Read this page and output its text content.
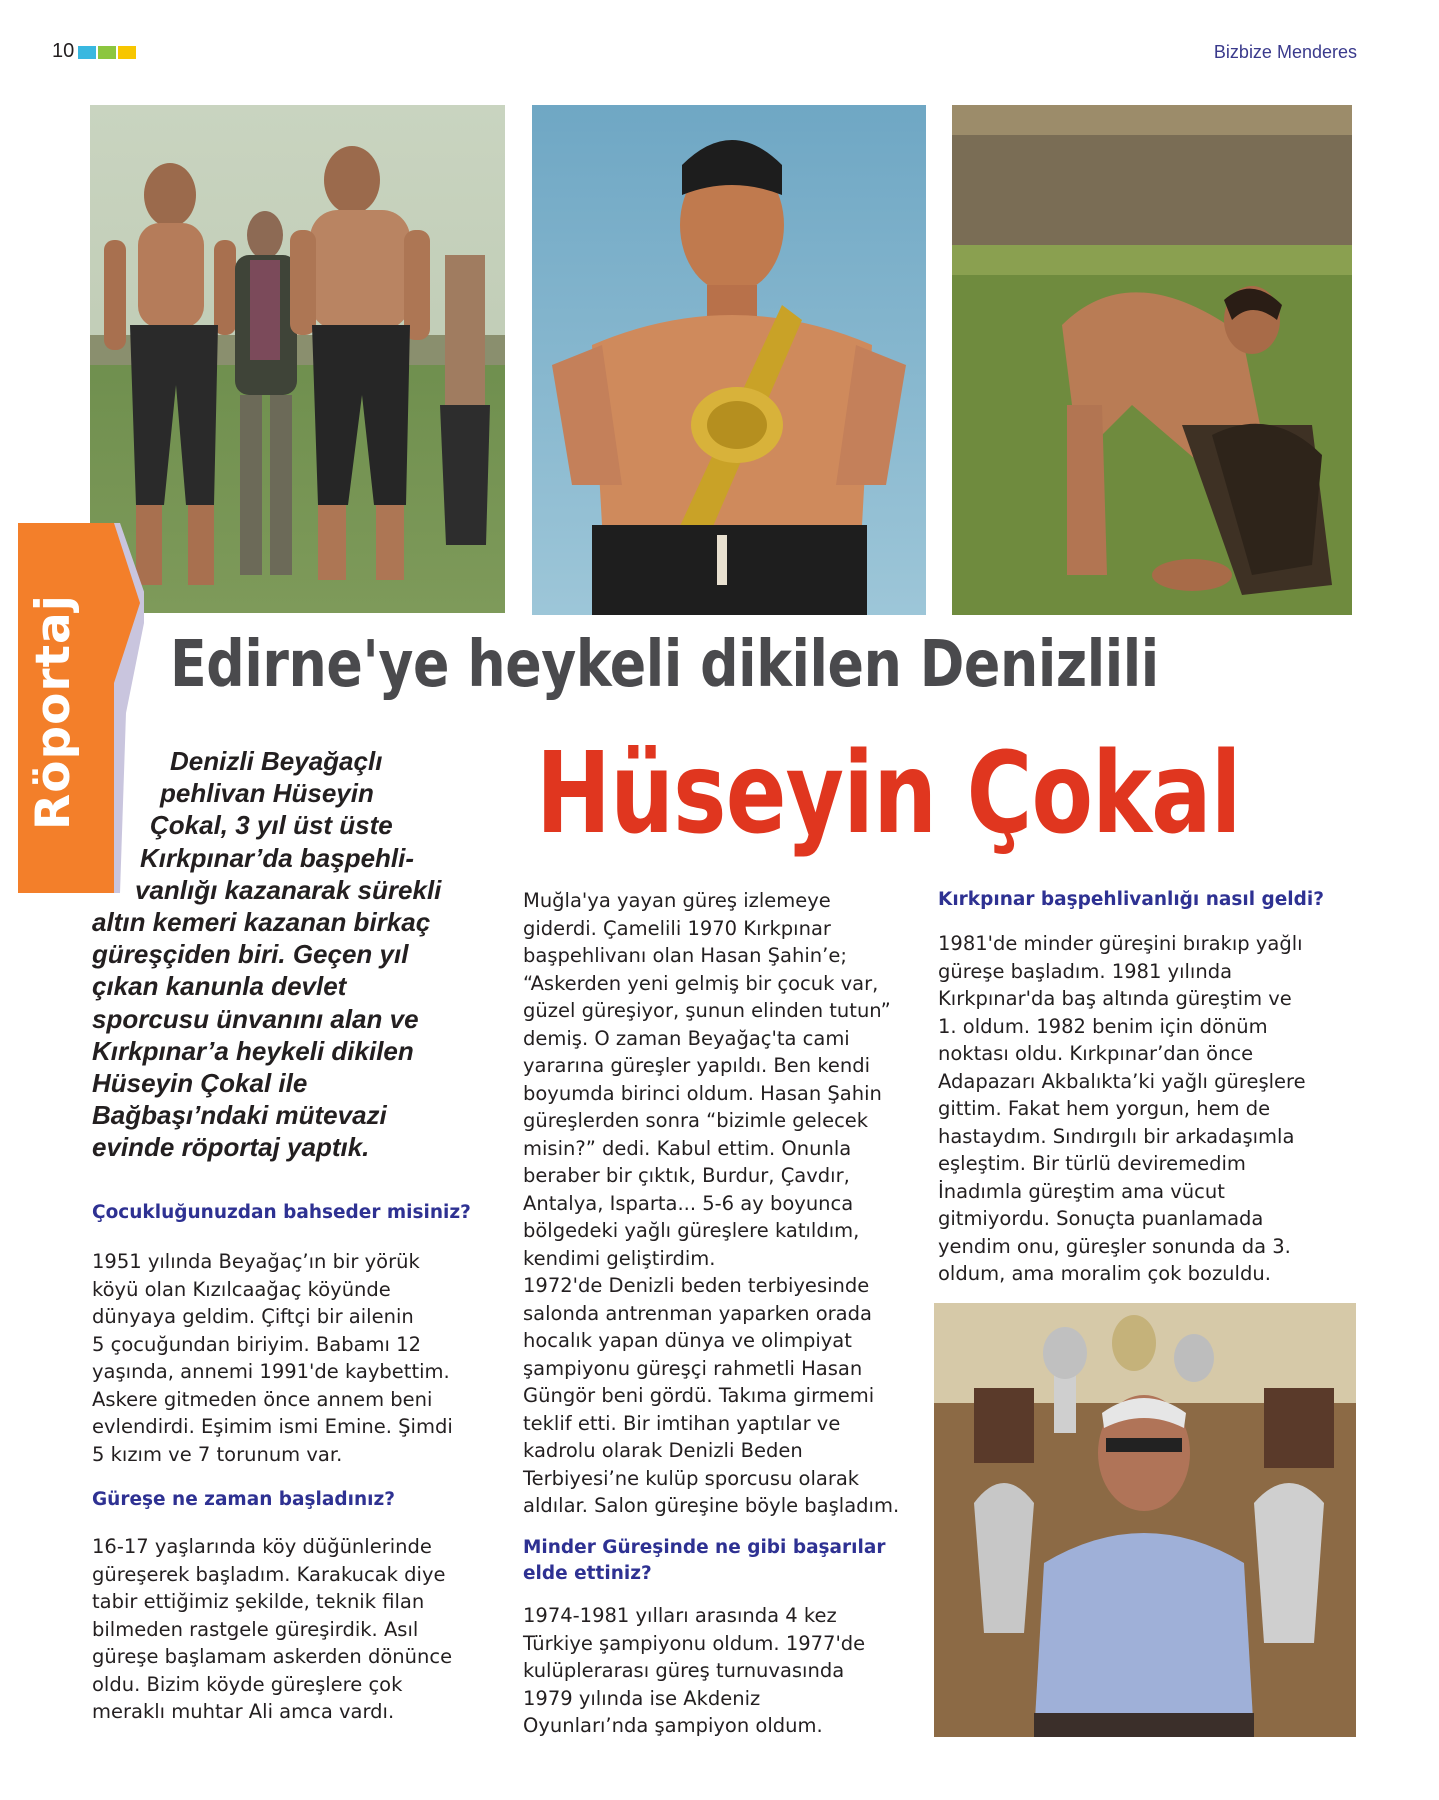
10	Bizbize Menderes
Röportaj Edirne'ye heykeli dikilen Denizlili
Hüseyin Çokal
Denizli Beyağaçlı
pehlivan Hüseyin
Çokal, 3 yıl üst üste
Kırkpınar’da başpehli-
vanlığı kazanarak sürekli
altın kemeri kazanan birkaç
güreşçiden biri. Geçen yıl
çıkan kanunla devlet
sporcusu ünvanını alan ve
Kırkpınar’a heykeli dikilen
Hüseyin Çokal ile
Bağbaşı’ndaki mütevazi
evinde röportaj yaptık.
Çocukluğunuzdan bahseder misiniz?
1951 yılında Beyağaç’ın bir yörük
köyü olan Kızılcaağaç köyünde
dünyaya geldim. Çiftçi bir ailenin
5 çocuğundan biriyim. Babamı 12
yaşında, annemi 1991'de kaybettim.
Askere gitmeden önce annem beni
evlendirdi. Eşimim ismi Emine. Şimdi
5 kızım ve 7 torunum var.
Güreşe ne zaman başladınız?
16-17 yaşlarında köy düğünlerinde
güreşerek başladım. Karakucak diye
tabir ettiğimiz şekilde, teknik filan
bilmeden rastgele güreşirdik. Asıl
güreşe başlamam askerden dönünce
oldu. Bizim köyde güreşlere çok
meraklı muhtar Ali amca vardı.
Muğla'ya yayan güreş izlemeye
giderdi. Çamelili 1970 Kırkpınar
başpehlivanı olan Hasan Şahin’e;
“Askerden yeni gelmiş bir çocuk var,
güzel güreşiyor, şunun elinden tutun”
demiş. O zaman Beyağaç'ta cami
yararına güreşler yapıldı. Ben kendi
boyumda birinci oldum. Hasan Şahin
güreşlerden sonra “bizimle gelecek
misin?” dedi. Kabul ettim. Onunla
beraber bir çıktık, Burdur, Çavdır,
Antalya, Isparta... 5-6 ay boyunca
bölgedeki yağlı güreşlere katıldım,
kendimi geliştirdim.
1972'de Denizli beden terbiyesinde
salonda antrenman yaparken orada
hocalık yapan dünya ve olimpiyat
şampiyonu güreşçi rahmetli Hasan
Güngör beni gördü. Takıma girmemi
teklif etti. Bir imtihan yaptılar ve
kadrolu olarak Denizli Beden
Terbiyesi’ne kulüp sporcusu olarak
aldılar. Salon güreşine böyle başladım.
Minder Güreşinde ne gibi başarılar
elde ettiniz?
1974-1981 yılları arasında 4 kez
Türkiye şampiyonu oldum. 1977'de
kulüplerarası güreş turnuvasında
1979 yılında ise Akdeniz
Oyunları’nda şampiyon oldum.
Kırkpınar başpehlivanlığı nasıl geldi?
1981'de minder güreşini bırakıp yağlı
güreşe başladım. 1981 yılında
Kırkpınar'da baş altında güreştim ve
1. oldum. 1982 benim için dönüm
noktası oldu. Kırkpınar’dan önce
Adapazarı Akbalıkta’ki yağlı güreşlere
gittim. Fakat hem yorgun, hem de
hastaydım. Sındırgılı bir arkadaşımla
eşleştim. Bir türlü deviremedim
İnadımla güreştim ama vücut
gitmiyordu. Sonuçta puanlamada
yendim onu, güreşler sonunda da 3.
oldum, ama moralim çok bozuldu.
